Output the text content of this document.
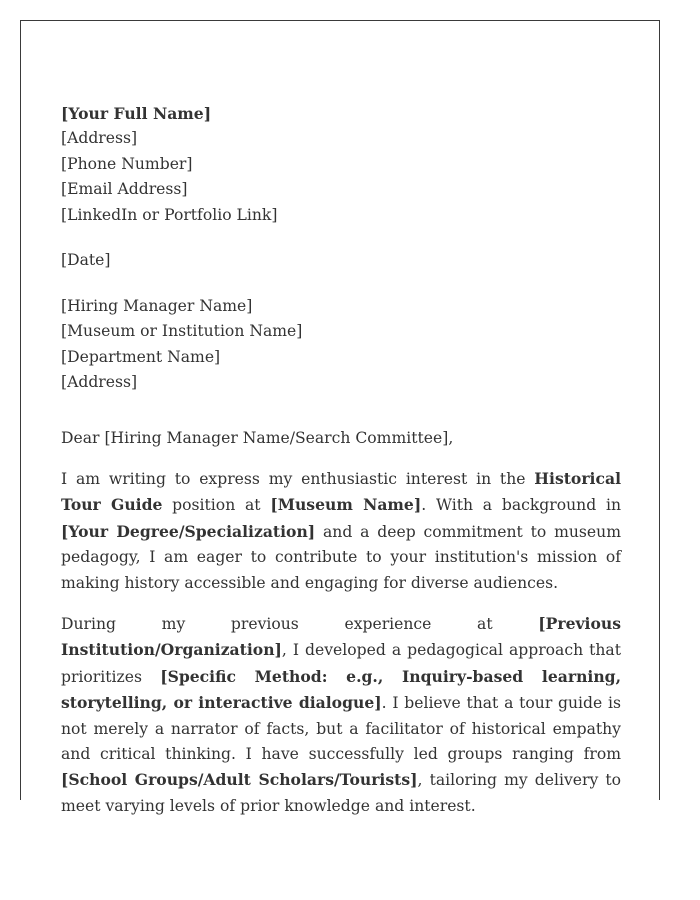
[Your Full Name]
[Address]
[Phone Number]
[Email Address]
[LinkedIn or Portfolio Link]
[Date]
[Hiring Manager Name]
[Museum or Institution Name]
[Department Name]
[Address]
Dear [Hiring Manager Name/Search Committee],

I am writing to express my enthusiastic interest in the Historical Tour Guide position at [Museum Name]. With a background in [Your Degree/Specialization] and a deep commitment to museum pedagogy, I am eager to contribute to your institution's mission of making history accessible and engaging for diverse audiences.

During my previous experience at [Previous Institution/Organization], I developed a pedagogical approach that prioritizes [Specific Method: e.g., Inquiry-based learning, storytelling, or interactive dialogue]. I believe that a tour guide is not merely a narrator of facts, but a facilitator of historical empathy and critical thinking. I have successfully led groups ranging from [School Groups/Adult Scholars/Tourists], tailoring my delivery to meet varying levels of prior knowledge and interest.
